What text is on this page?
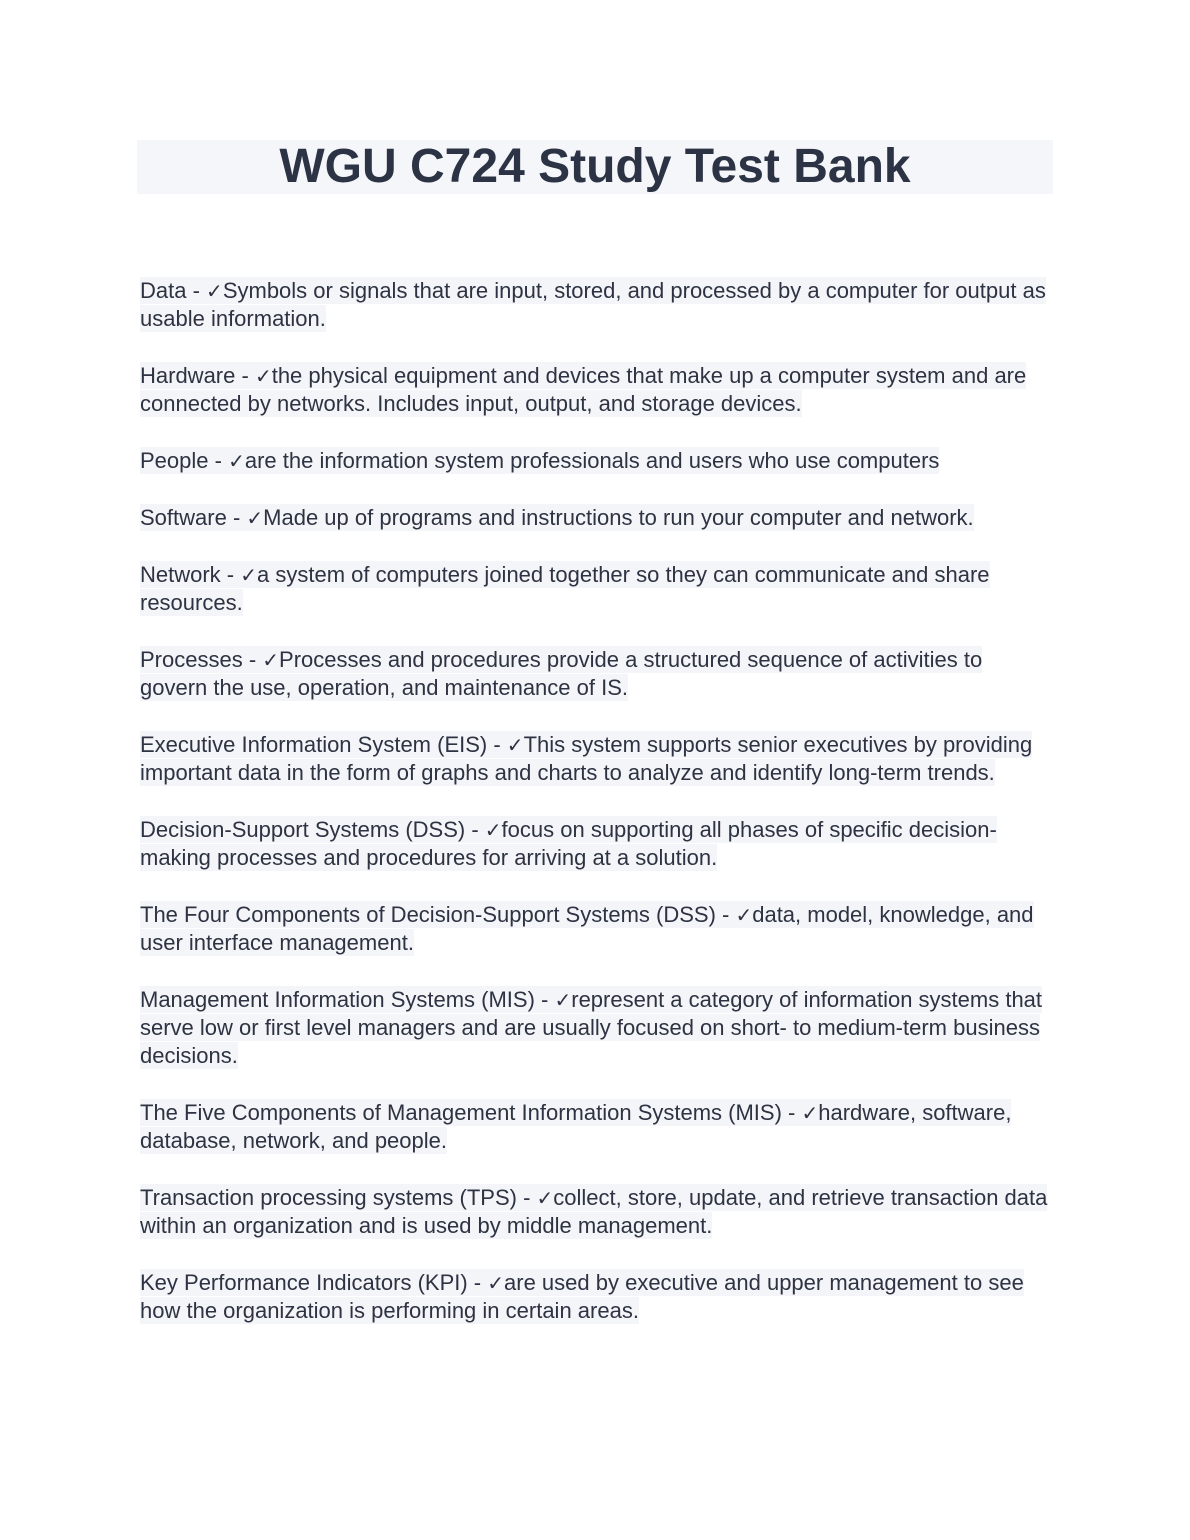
WGU C724 Study Test Bank

Data - ✓Symbols or signals that are input, stored, and processed by a computer for output as usable information.

Hardware - ✓the physical equipment and devices that make up a computer system and are connected by networks. Includes input, output, and storage devices.

People - ✓are the information system professionals and users who use computers

Software - ✓Made up of programs and instructions to run your computer and network.

Network - ✓a system of computers joined together so they can communicate and share resources.

Processes - ✓Processes and procedures provide a structured sequence of activities to govern the use, operation, and maintenance of IS.

Executive Information System (EIS) - ✓This system supports senior executives by providing important data in the form of graphs and charts to analyze and identify long-term trends.

Decision-Support Systems (DSS) - ✓focus on supporting all phases of specific decision-making processes and procedures for arriving at a solution.

The Four Components of Decision-Support Systems (DSS) - ✓data, model, knowledge, and user interface management.

Management Information Systems (MIS) - ✓represent a category of information systems that serve low or first level managers and are usually focused on short- to medium-term business decisions.

The Five Components of Management Information Systems (MIS) - ✓hardware, software, database, network, and people.

Transaction processing systems (TPS) - ✓collect, store, update, and retrieve transaction data within an organization and is used by middle management.

Key Performance Indicators (KPI) - ✓are used by executive and upper management to see how the organization is performing in certain areas.
